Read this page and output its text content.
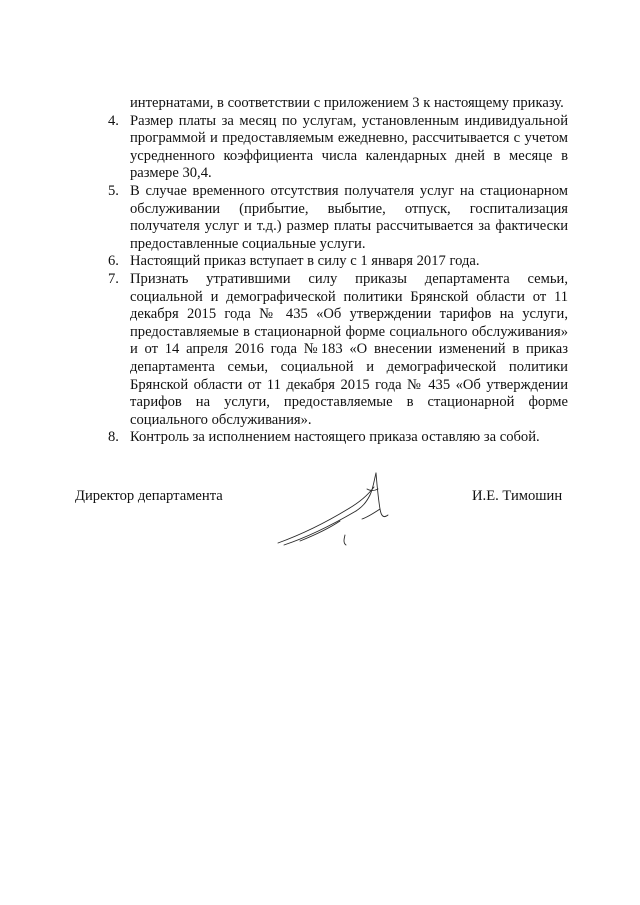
интернатами, в соответствии с приложением 3 к настоящему приказу.

4. Размер платы за месяц по услугам, установленным индивидуальной программой и предоставляемым ежедневно, рассчитывается с учетом усредненного коэффициента числа календарных дней в месяце в размере 30,4.
5. В случае временного отсутствия получателя услуг на стационарном обслуживании (прибытие, выбытие, отпуск, госпитализация получателя услуг и т.д.) размер платы рассчитывается за фактически предоставленные социальные услуги.
6. Настоящий приказ вступает в силу с 1 января 2017 года.
7. Признать утратившими силу приказы департамента семьи, социальной и демографической политики Брянской области от 11 декабря 2015 года № 435 «Об утверждении тарифов на услуги, предоставляемые в стационарной форме социального обслуживания» и от 14 апреля 2016 года №183 «О внесении изменений в приказ департамента семьи, социальной и демографической политики Брянской области от 11 декабря 2015 года № 435 «Об утверждении тарифов на услуги, предоставляемые в стационарной форме социального обслуживания».
8. Контроль за исполнением настоящего приказа оставляю за собой.
Директор департамента	И.Е. Тимошин
